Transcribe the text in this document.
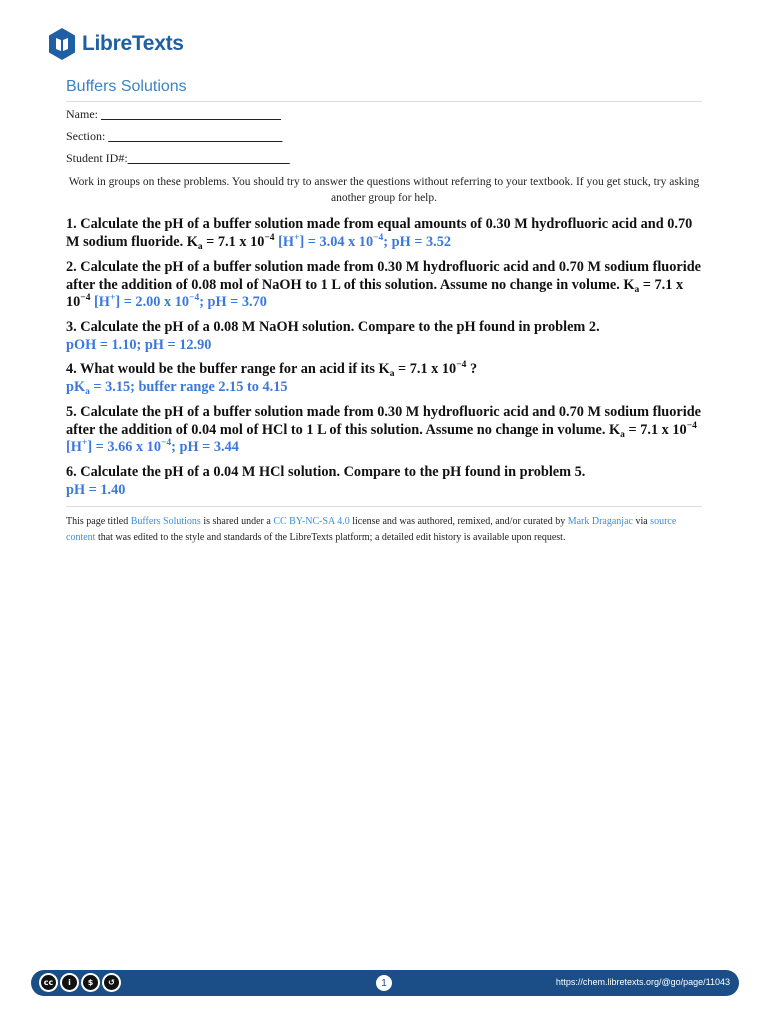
LibreTexts
Buffers Solutions
Name: ______________________________
Section: _____________________________
Student ID#:___________________________
Work in groups on these problems. You should try to answer the questions without referring to your textbook. If you get stuck, try asking another group for help.
1. Calculate the pH of a buffer solution made from equal amounts of 0.30 M hydrofluoric acid and 0.70 M sodium fluoride. $K_a = 7.1$ x $10^{-4}$ [H+] = 3.04 x $10^{-4}$; pH = 3.52
2. Calculate the pH of a buffer solution made from 0.30 M hydrofluoric acid and 0.70 M sodium fluoride after the addition of 0.08 mol of NaOH to 1 L of this solution. Assume no change in volume. $K_a = 7.1$ x $10^{-4}$ [H+] = 2.00 x $10^{-4}$; pH = 3.70
3. Calculate the pH of a 0.08 M NaOH solution. Compare to the pH found in problem 2.
pOH = 1.10; pH = 12.90
4. What would be the buffer range for an acid if its $K_a = 7.1$ x $10^{-4}$ ?
$pK_a = 3.15$; buffer range 2.15 to 4.15
5. Calculate the pH of a buffer solution made from 0.30 M hydrofluoric acid and 0.70 M sodium fluoride after the addition of 0.04 mol of HCl to 1 L of this solution. Assume no change in volume. $K_a = 7.1$ x $10^{-4}$ [H+] = 3.66 x $10^{-4}$; pH = 3.44
6. Calculate the pH of a 0.04 M HCl solution. Compare to the pH found in problem 5.
pH = 1.40
This page titled Buffers Solutions is shared under a CC BY-NC-SA 4.0 license and was authored, remixed, and/or curated by Mark Draganjac via source content that was edited to the style and standards of the LibreTexts platform; a detailed edit history is available upon request.
cc	i	$	↺	1	https://chem.libretexts.org/@go/page/11043
